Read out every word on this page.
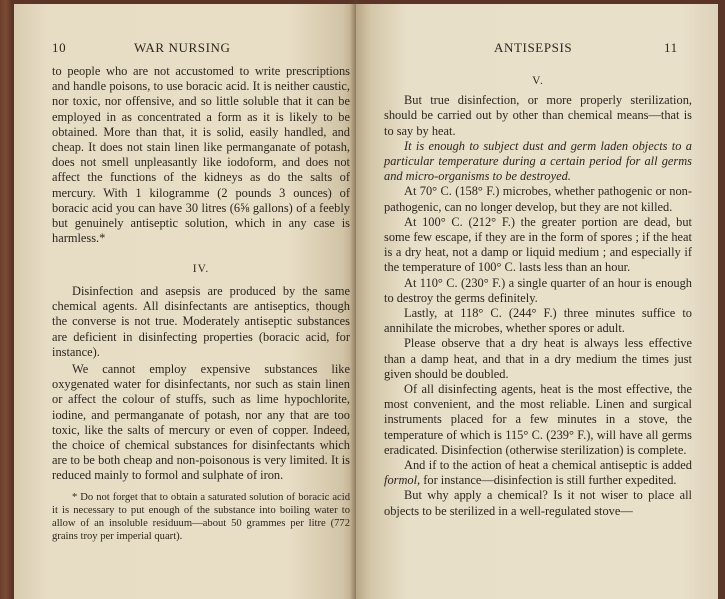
10	WAR NURSING

to people who are not accustomed to write prescriptions and handle poisons, to use boracic acid. It is neither caustic, nor toxic, nor offensive, and so little soluble that it can be employed in as concentrated a form as it is likely to be obtained. More than that, it is solid, easily handled, and cheap. It does not stain linen like permanganate of potash, does not smell unpleasantly like iodoform, and does not affect the functions of the kidneys as do the salts of mercury. With 1 kilogramme (2 pounds 3 ounces) of boracic acid you can have 30 litres (6⅝ gallons) of a feebly but genuinely antiseptic solution, which in any case is harmless.*

IV.

Disinfection and asepsis are produced by the same chemical agents. All disinfectants are antiseptics, though the converse is not true. Moderately antiseptic substances are deficient in disinfecting properties (boracic acid, for instance).

We cannot employ expensive substances like oxygenated water for disinfectants, nor such as stain linen or affect the colour of stuffs, such as lime hypochlorite, iodine, and permanganate of potash, nor any that are too toxic, like the salts of mercury or even of copper. Indeed, the choice of chemical substances for disinfectants which are to be both cheap and non-poisonous is very limited. It is reduced mainly to formol and sulphate of iron.

* Do not forget that to obtain a saturated solution of boracic acid it is necessary to put enough of the substance into boiling water to allow of an insoluble residuum—about 50 grammes per litre (772 grains troy per imperial quart).

ANTISEPSIS	11

V.

But true disinfection, or more properly sterilization, should be carried out by other than chemical means—that is to say by heat.

It is enough to subject dust and germ laden objects to a particular temperature during a certain period for all germs and micro-organisms to be destroyed.

At 70° C. (158° F.) microbes, whether pathogenic or non-pathogenic, can no longer develop, but they are not killed.

At 100° C. (212° F.) the greater portion are dead, but some few escape, if they are in the form of spores ; if the heat is a dry heat, not a damp or liquid medium ; and especially if the temperature of 100° C. lasts less than an hour.

At 110° C. (230° F.) a single quarter of an hour is enough to destroy the germs definitely.

Lastly, at 118° C. (244° F.) three minutes suffice to annihilate the microbes, whether spores or adult.

Please observe that a dry heat is always less effective than a damp heat, and that in a dry medium the times just given should be doubled.

Of all disinfecting agents, heat is the most effective, the most convenient, and the most reliable. Linen and surgical instruments placed for a few minutes in a stove, the temperature of which is 115° C. (239° F.), will have all germs eradicated. Disinfection (otherwise sterilization) is complete.

And if to the action of heat a chemical antiseptic is added formol, for instance—disinfection is still further expedited.

But why apply a chemical? Is it not wiser to place all objects to be sterilized in a well-regulated stove—
